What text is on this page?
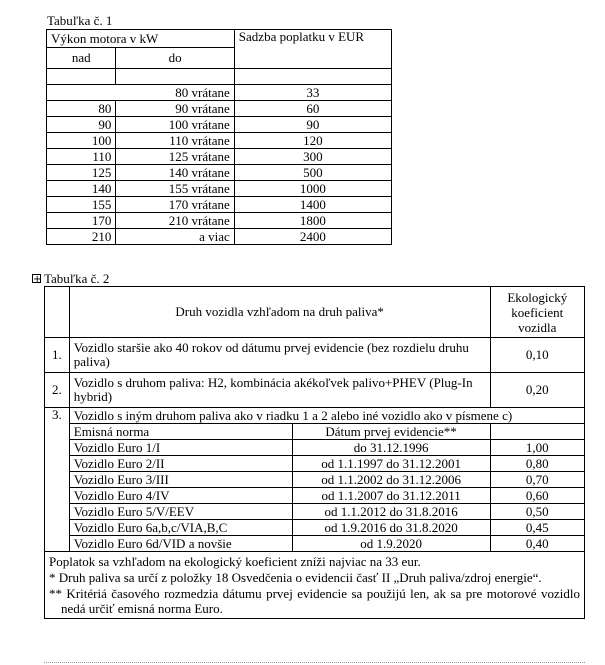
Tabuľka č. 1
Výkon motora v kW		Sadzba poplatku v EUR
nad	do	

80 vrátane		33
80	90 vrátane	60
90	100 vrátane	90
100	110 vrátane	120
110	125 vrátane	300
125	140 vrátane	500
140	155 vrátane	1000
155	170 vrátane	1400
170	210 vrátane	1800
210	a viac	2400
+ Tabuľka č. 2
	Druh vozidla vzhľadom na druh paliva*		Ekologický koeficient vozidla
1.	Vozidlo staršie ako 40 rokov od dátumu prvej evidencie (bez rozdielu druhu paliva)		0,10
2.	Vozidlo s druhom paliva: H2, kombinácia akékoľvek palivo+PHEV (Plug-In hybrid)		0,20
3.	Vozidlo s iným druhom paliva ako v riadku 1 a 2 alebo iné vozidlo ako v písmene c)		
	Emisná norma	Dátum prvej evidencie**	
	Vozidlo Euro 1/I	do 31.12.1996	1,00
	Vozidlo Euro 2/II	od 1.1.1997 do 31.12.2001	0,80
	Vozidlo Euro 3/III	od 1.1.2002 do 31.12.2006	0,70
	Vozidlo Euro 4/IV	od 1.1.2007 do 31.12.2011	0,60
	Vozidlo Euro 5/V/EEV	od 1.1.2012 do 31.8.2016	0,50
	Vozidlo Euro 6a,b,c/VIA,B,C	od 1.9.2016 do 31.8.2020	0,45
	Vozidlo Euro 6d/VID a novšie	od 1.9.2020	0,40

Poplatok sa vzhľadom na ekologický koeficient zníži najviac na 33 eur.

* Druh paliva sa určí z položky 18 Osvedčenia o evidencii časť II „Druh paliva/zdroj energie“.

** Kritériá časového rozmedzia dátumu prvej evidencie sa použijú len, ak sa pre motorové vozidlo nedá určiť emisná norma Euro.			
